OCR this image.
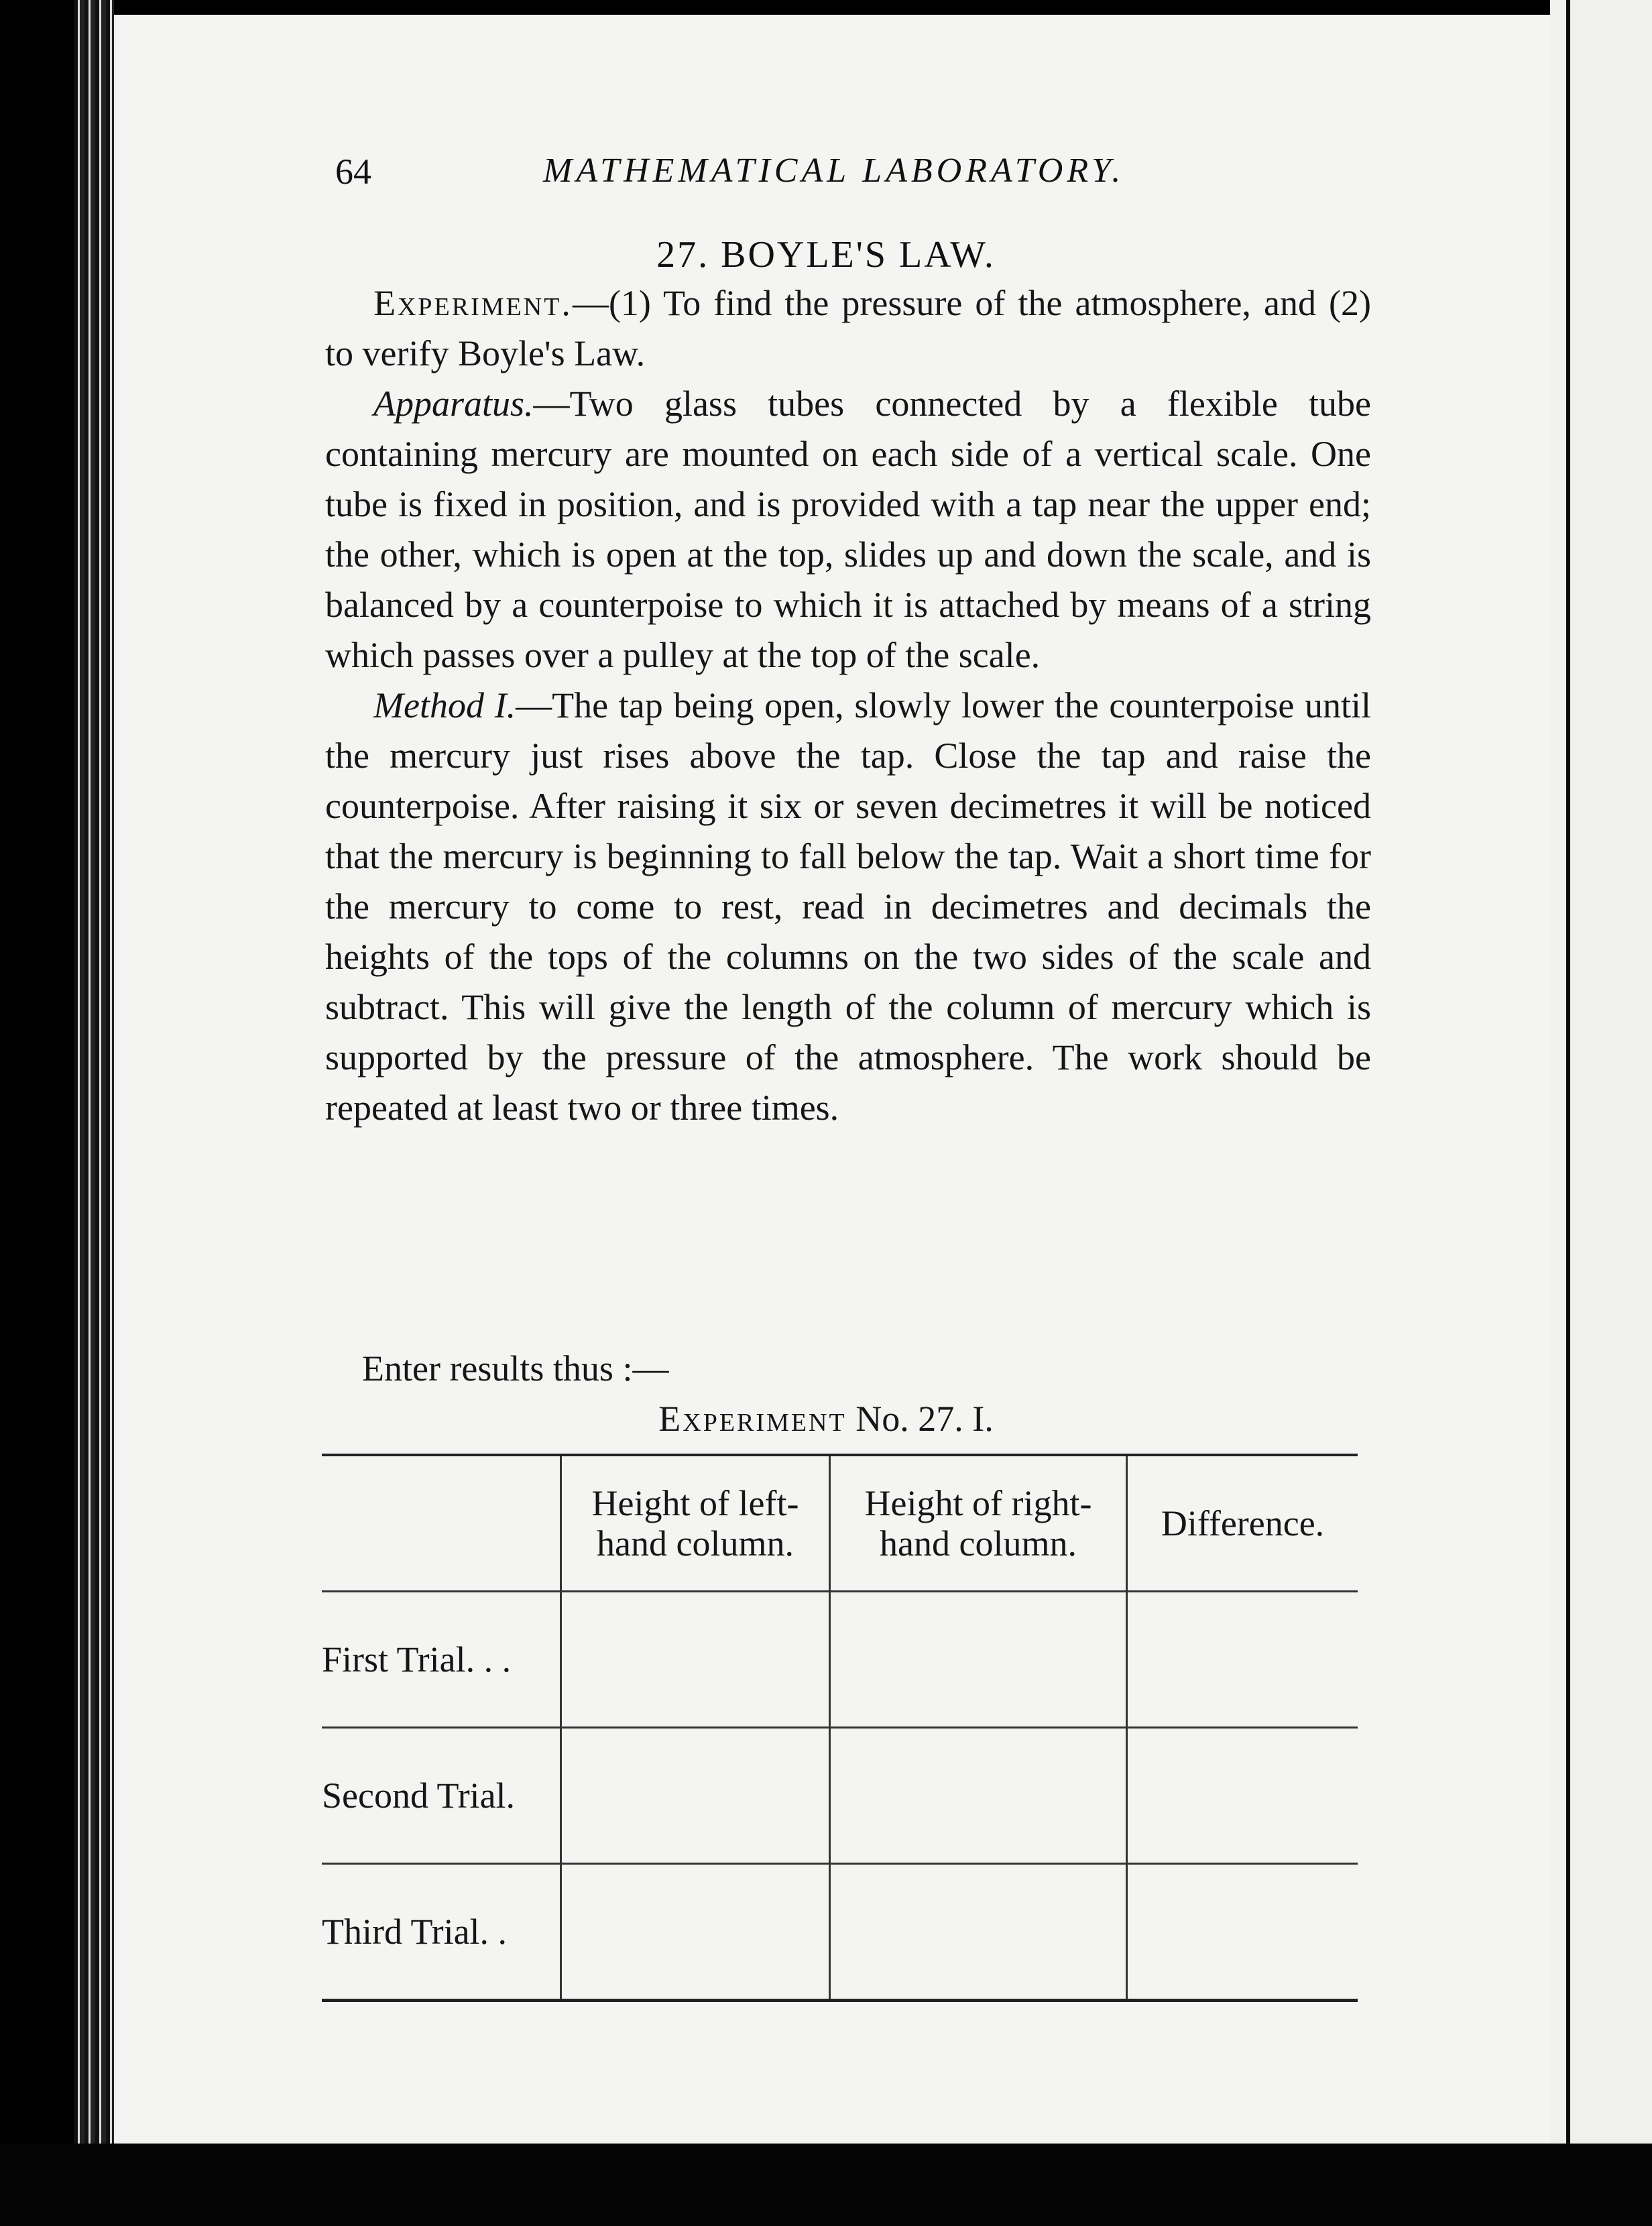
64	MATHEMATICAL LABORATORY.
27. BOYLE'S LAW.

Experiment.—(1) To find the pressure of the atmosphere, and (2) to verify Boyle's Law.

Apparatus.—Two glass tubes connected by a flexible tube containing mercury are mounted on each side of a vertical scale. One tube is fixed in position, and is provided with a tap near the upper end; the other, which is open at the top, slides up and down the scale, and is balanced by a counterpoise to which it is attached by means of a string which passes over a pulley at the top of the scale.

Method I.—The tap being open, slowly lower the counterpoise until the mercury just rises above the tap. Close the tap and raise the counterpoise. After raising it six or seven decimetres it will be noticed that the mercury is beginning to fall below the tap. Wait a short time for the mercury to come to rest, read in decimetres and decimals the heights of the tops of the columns on the two sides of the scale and subtract. This will give the length of the column of mercury which is supported by the pressure of the atmosphere. The work should be repeated at least two or three times.

Enter results thus :—
Experiment No. 27. I.
	Height of left-hand column.	Height of right-hand column.	Difference.
First Trial. . .			
Second Trial.			
Third Trial. .			
